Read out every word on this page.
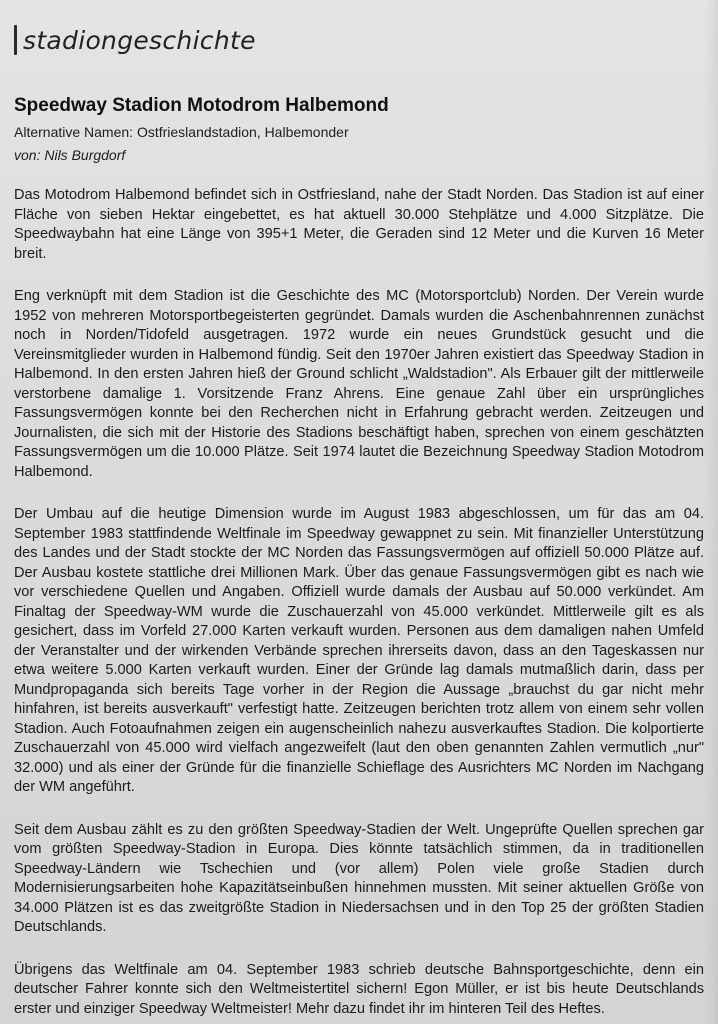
stadiongeschichte
Speedway Stadion Motodrom Halbemond
Alternative Namen: Ostfrieslandstadion, Halbemonder
von: Nils Burgdorf

Das Motodrom Halbemond befindet sich in Ostfriesland, nahe der Stadt Norden. Das Stadion ist auf einer Fläche von sieben Hektar eingebettet, es hat aktuell 30.000 Stehplätze und 4.000 Sitzplätze. Die Speedwaybahn hat eine Länge von 395+1 Meter, die Geraden sind 12 Meter und die Kurven 16 Meter breit.

Eng verknüpft mit dem Stadion ist die Geschichte des MC (Motorsportclub) Norden. Der Verein wurde 1952 von mehreren Motorsportbegeisterten gegründet. Damals wurden die Aschenbahnrennen zunächst noch in Norden/Tidofeld ausgetragen. 1972 wurde ein neues Grundstück gesucht und die Vereinsmitglieder wurden in Halbemond fündig. Seit den 1970er Jahren existiert das Speedway Stadion in Halbemond. In den ersten Jahren hieß der Ground schlicht „Waldstadion". Als Erbauer gilt der mittlerweile verstorbene damalige 1. Vorsitzende Franz Ahrens. Eine genaue Zahl über ein ursprüngliches Fassungsvermögen konnte bei den Recherchen nicht in Erfahrung gebracht werden. Zeitzeugen und Journalisten, die sich mit der Historie des Stadions beschäftigt haben, sprechen von einem geschätzten Fassungsvermögen um die 10.000 Plätze. Seit 1974 lautet die Bezeichnung Speedway Stadion Motodrom Halbemond.

Der Umbau auf die heutige Dimension wurde im August 1983 abgeschlossen, um für das am 04. September 1983 stattfindende Weltfinale im Speedway gewappnet zu sein. Mit finanzieller Unterstützung des Landes und der Stadt stockte der MC Norden das Fassungsvermögen auf offiziell 50.000 Plätze auf. Der Ausbau kostete stattliche drei Millionen Mark. Über das genaue Fassungsvermögen gibt es nach wie vor verschiedene Quellen und Angaben. Offiziell wurde damals der Ausbau auf 50.000 verkündet. Am Finaltag der Speedway-WM wurde die Zuschauerzahl von 45.000 verkündet. Mittlerweile gilt es als gesichert, dass im Vorfeld 27.000 Karten verkauft wurden. Personen aus dem damaligen nahen Umfeld der Veranstalter und der wirkenden Verbände sprechen ihrerseits davon, dass an den Tageskassen nur etwa weitere 5.000 Karten verkauft wurden. Einer der Gründe lag damals mutmaßlich darin, dass per Mundpropaganda sich bereits Tage vorher in der Region die Aussage „brauchst du gar nicht mehr hinfahren, ist bereits ausverkauft" verfestigt hatte. Zeitzeugen berichten trotz allem von einem sehr vollen Stadion. Auch Fotoaufnahmen zeigen ein augenscheinlich nahezu ausverkauftes Stadion. Die kolportierte Zuschauerzahl von 45.000 wird vielfach angezweifelt (laut den oben genannten Zahlen vermutlich „nur" 32.000) und als einer der Gründe für die finanzielle Schieflage des Ausrichters MC Norden im Nachgang der WM angeführt.

Seit dem Ausbau zählt es zu den größten Speedway-Stadien der Welt. Ungeprüfte Quellen sprechen gar vom größten Speedway-Stadion in Europa. Dies könnte tatsächlich stimmen, da in traditionellen Speedway-Ländern wie Tschechien und (vor allem) Polen viele große Stadien durch Modernisierungsarbeiten hohe Kapazitätseinbußen hinnehmen mussten. Mit seiner aktuellen Größe von 34.000 Plätzen ist es das zweitgrößte Stadion in Niedersachsen und in den Top 25 der größten Stadien Deutschlands.

Übrigens das Weltfinale am 04. September 1983 schrieb deutsche Bahnsportgeschichte, denn ein deutscher Fahrer konnte sich den Weltmeistertitel sichern! Egon Müller, er ist bis heute Deutschlands erster und einziger Speedway Weltmeister! Mehr dazu findet ihr im hinteren Teil des Heftes.
